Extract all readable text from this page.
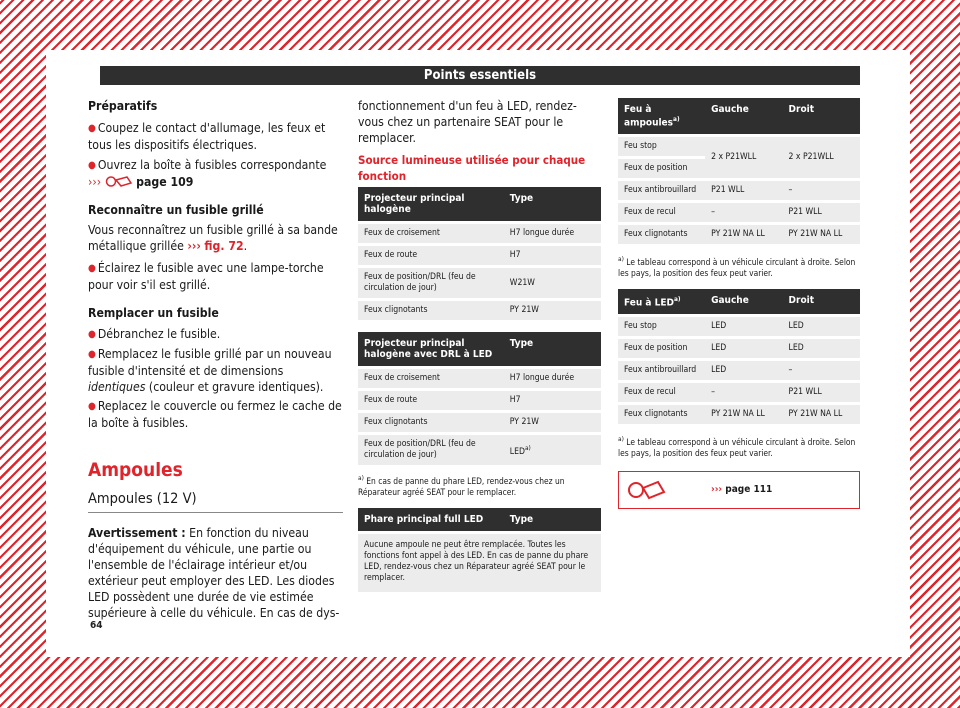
Points essentiels

Préparatifs

● Coupez le contact d'allumage, les feux et tous les dispositifs électriques.

● Ouvrez la boîte à fusibles correspondante
›››	page 109

Reconnaître un fusible grillé

Vous reconnaîtrez un fusible grillé à sa bande métallique grillée ››› fig. 72.

● Éclairez le fusible avec une lampe-torche pour voir s'il est grillé.

Remplacer un fusible

● Débranchez le fusible.

● Remplacez le fusible grillé par un nouveau fusible d'intensité et de dimensions identiques (couleur et gravure identiques).

● Replacez le couvercle ou fermez le cache de la boîte à fusibles.

Ampoules
Ampoules (12 V)

Avertissement : En fonction du niveau d'équipement du véhicule, une partie ou l'ensemble de l'éclairage intérieur et/ou extérieur peut employer des LED. Les diodes LED possèdent une durée de vie estimée supérieure à celle du véhicule. En cas de dys-

fonctionnement d'un feu à LED, rendez-vous chez un partenaire SEAT pour le remplacer.

Source lumineuse utilisée pour chaque fonction

Projecteur principal halogène	Type
Feux de croisement	H7 longue durée
Feux de route	H7
Feux de position/DRL (feu de circulation de jour)	W21W
Feux clignotants	PY 21W
Projecteur principal halogène avec DRL à LED	Type
Feux de croisement	H7 longue durée
Feux de route	H7
Feux clignotants	PY 21W
Feux de position/DRL (feu de circulation de jour)	LED$^{a)}$

$^{a)}$ En cas de panne du phare LED, rendez-vous chez un Réparateur agréé SEAT pour le remplacer.

Phare principal full LED	Type
Aucune ampoule ne peut être remplacée. Toutes les fonctions font appel à des LED. En cas de panne du phare LED, rendez-vous chez un Réparateur agréé SEAT pour le remplacer.
Feu à ampoules$^{a)}$	Gauche	Droit
Feu stop	2 x P21WLL	2 x P21WLL
Feux de position		
Feux antibrouillard	P21 WLL	–
Feux de recul	–	P21 WLL
Feux clignotants	PY 21W NA LL	PY 21W NA LL

$^{a)}$ Le tableau correspond à un véhicule circulant à droite. Selon les pays, la position des feux peut varier.

Feu à LED$^{a)}$	Gauche	Droit
Feu stop	LED	LED
Feux de position	LED	LED
Feux antibrouillard	LED	–
Feux de recul	–	P21 WLL
Feux clignotants	PY 21W NA LL	PY 21W NA LL

$^{a)}$ Le tableau correspond à un véhicule circulant à droite. Selon les pays, la position des feux peut varier.

››› page 111
64
